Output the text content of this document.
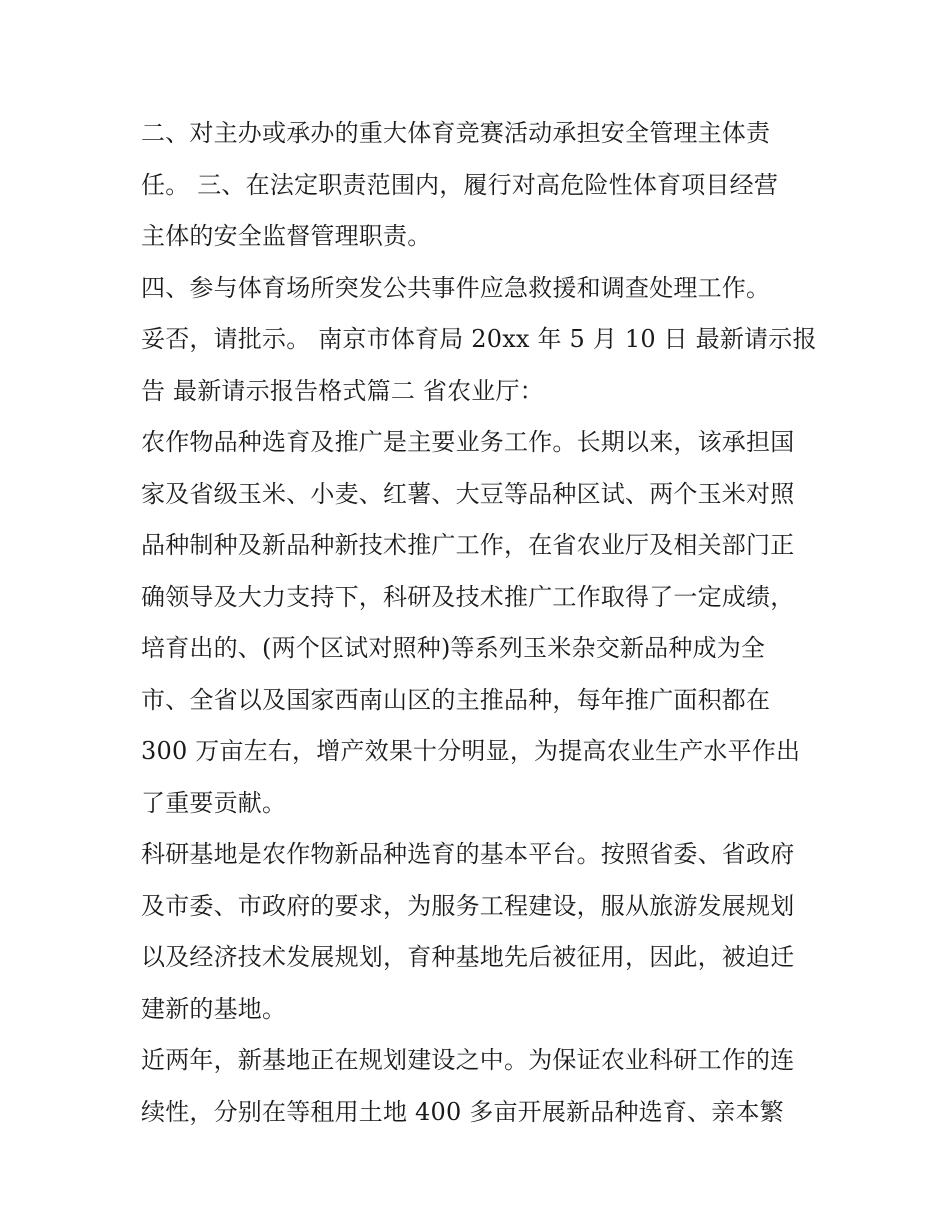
二、对主办或承办的重大体育竞赛活动承担安全管理主体责
任。 三、在法定职责范围内，履行对高危险性体育项目经营
主体的安全监督管理职责。
四、参与体育场所突发公共事件应急救援和调查处理工作。
妥否，请批示。 南京市体育局 20xx 年 5 月 10 日 最新请示报
告 最新请示报告格式篇二 省农业厅：
农作物品种选育及推广是主要业务工作。长期以来，该承担国
家及省级玉米、小麦、红薯、大豆等品种区试、两个玉米对照
品种制种及新品种新技术推广工作，在省农业厅及相关部门正
确领导及大力支持下，科研及技术推广工作取得了一定成绩，
培育出的、(两个区试对照种)等系列玉米杂交新品种成为全
市、全省以及国家西南山区的主推品种，每年推广面积都在
300 万亩左右，增产效果十分明显，为提高农业生产水平作出
了重要贡献。
科研基地是农作物新品种选育的基本平台。按照省委、省政府
及市委、市政府的要求，为服务工程建设，服从旅游发展规划
以及经济技术发展规划，育种基地先后被征用，因此，被迫迁
建新的基地。
近两年，新基地正在规划建设之中。为保证农业科研工作的连
续性，分别在等租用土地 400 多亩开展新品种选育、亲本繁
